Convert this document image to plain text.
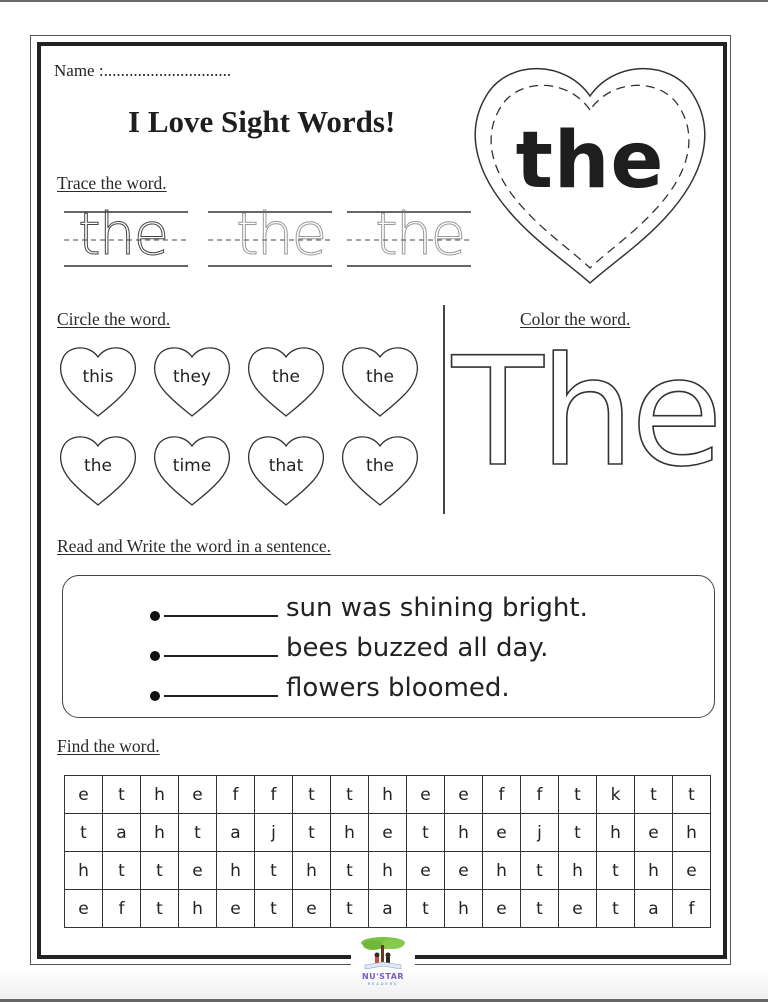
Name :..............................
I Love Sight Words!	the
Trace the word.
the the the
Circle the word.
this	they	the	the
the	time	that	the
Color the word.
The
Read and Write the word in a sentence.
sun was shining bright.
bees buzzed all day.
flowers bloomed.
Find the word.
e	t	h	e	f	f	t	t	h	e	e	f	f	t	k	t	t
t	a	h	t	a	j	t	h	e	t	h	e	j	t	h	e	h
h	t	t	e	h	t	h	t	h	e	e	h	t	h	t	h	e
e	f	t	h	e	t	e	t	a	t	h	e	t	e	t	a	f
NU'STAR
READERS
